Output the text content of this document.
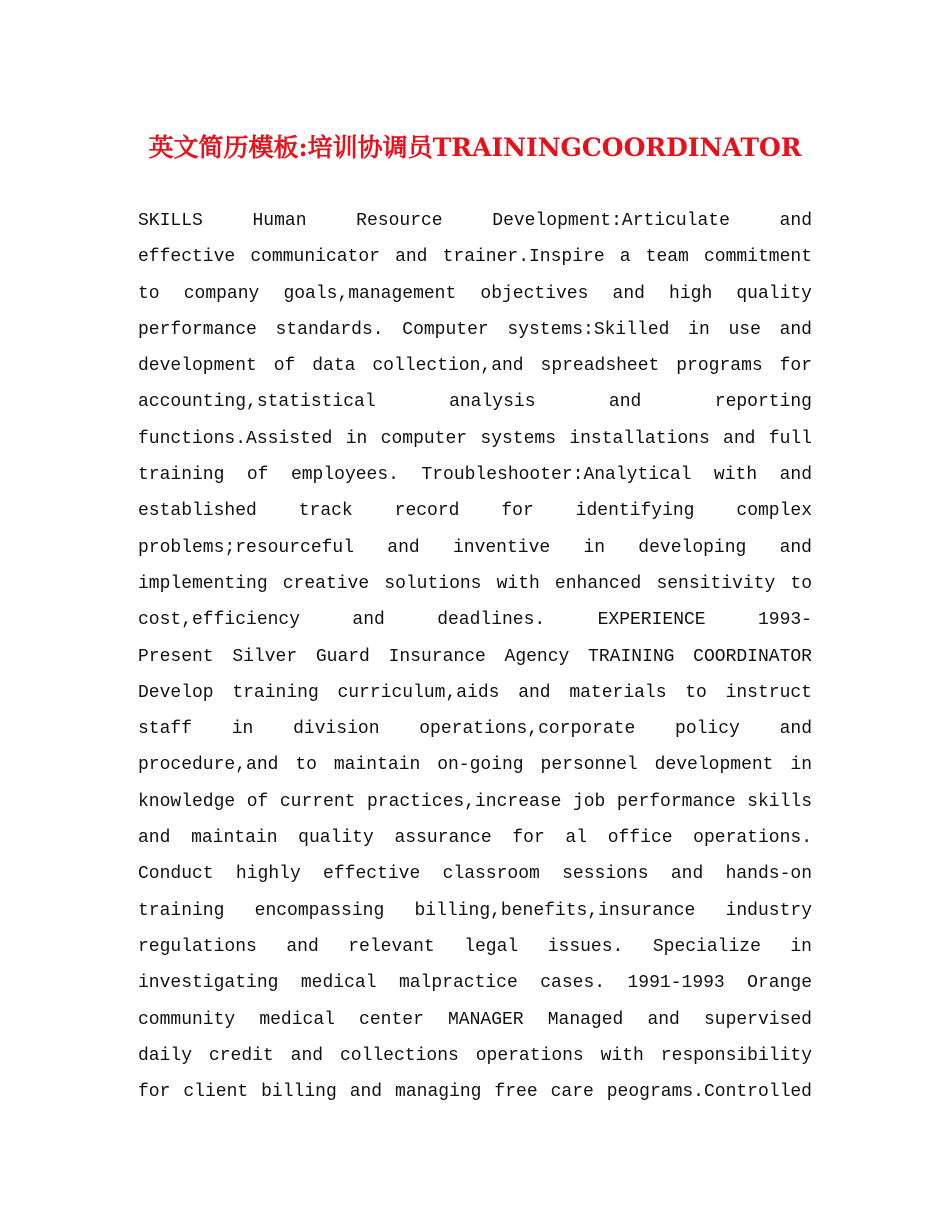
英文简历模板:培训协调员TRAININGCOORDINATOR
SKILLS Human Resource Development:Articulate and
effective communicator and trainer.Inspire a team commitment
to company goals,management objectives and high quality
performance standards. Computer systems:Skilled in use and
development of data collection,and spreadsheet programs for
accounting,statistical analysis and reporting
functions.Assisted in computer systems installations and full
training of employees. Troubleshooter:Analytical with and
established track record for identifying complex
problems;resourceful and inventive in developing and
implementing creative solutions with enhanced sensitivity to
cost,efficiency and deadlines. EXPERIENCE 1993-
Present Silver Guard Insurance Agency TRAINING COORDINATOR
Develop training curriculum,aids and materials to instruct
staff in division operations,corporate policy and
procedure,and to maintain on-going personnel development in
knowledge of current practices,increase job performance skills
and maintain quality assurance for al office operations.
Conduct highly effective classroom sessions and hands-on
training encompassing billing,benefits,insurance industry
regulations and relevant legal issues. Specialize in
investigating medical malpractice cases. 1991-1993 Orange
community medical center MANAGER Managed and supervised
daily credit and collections operations with responsibility
for client billing and managing free care peograms.Controlled
